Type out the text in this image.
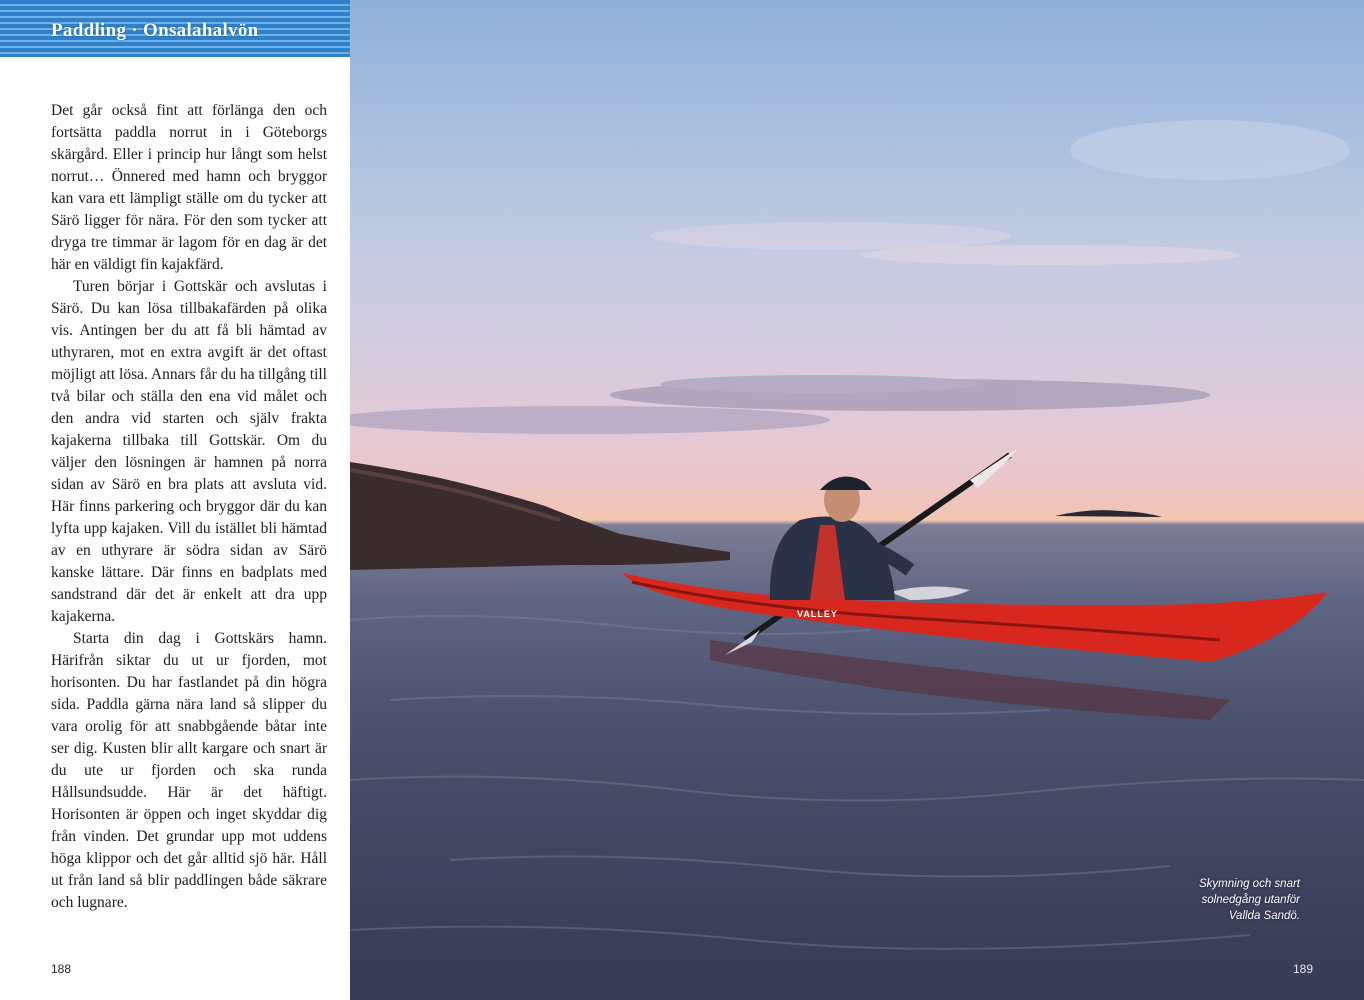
Paddling · Onsalahalvön

Det går också fint att förlänga den och fortsätta paddla norrut in i Göteborgs skärgård. Eller i princip hur långt som helst norrut… Önnered med hamn och bryggor kan vara ett lämpligt ställe om du tycker att Särö ligger för nära. För den som tycker att dryga tre timmar är lagom för en dag är det här en väldigt fin kajakfärd.

Turen börjar i Gottskär och avslutas i Särö. Du kan lösa tillbakafärden på olika vis. Antingen ber du att få bli hämtad av uthyraren, mot en extra avgift är det oftast möjligt att lösa. Annars får du ha tillgång till två bilar och ställa den ena vid målet och den andra vid starten och själv frakta kajakerna tillbaka till Gottskär. Om du väljer den lösningen är hamnen på norra sidan av Särö en bra plats att avsluta vid. Här finns parkering och bryggor där du kan lyfta upp kajaken. Vill du istället bli hämtad av en uthyrare är södra sidan av Särö kanske lättare. Där finns en badplats med sandstrand där det är enkelt att dra upp kajakerna.

Starta din dag i Gottskärs hamn. Härifrån siktar du ut ur fjorden, mot horisonten. Du har fastlandet på din högra sida. Paddla gärna nära land så slipper du vara orolig för att snabbgående båtar inte ser dig. Kusten blir allt kargare och snart är du ute ur fjorden och ska runda Hållsundsudde. Här är det häftigt. Horisonten är öppen och inget skyddar dig från vinden. Det grundar upp mot uddens höga klippor och det går alltid sjö här. Håll ut från land så blir paddlingen både säkrare och lugnare.

188
VALLEY
Skymning och snart
solnedgång utanför
Vallda Sandö.
189
